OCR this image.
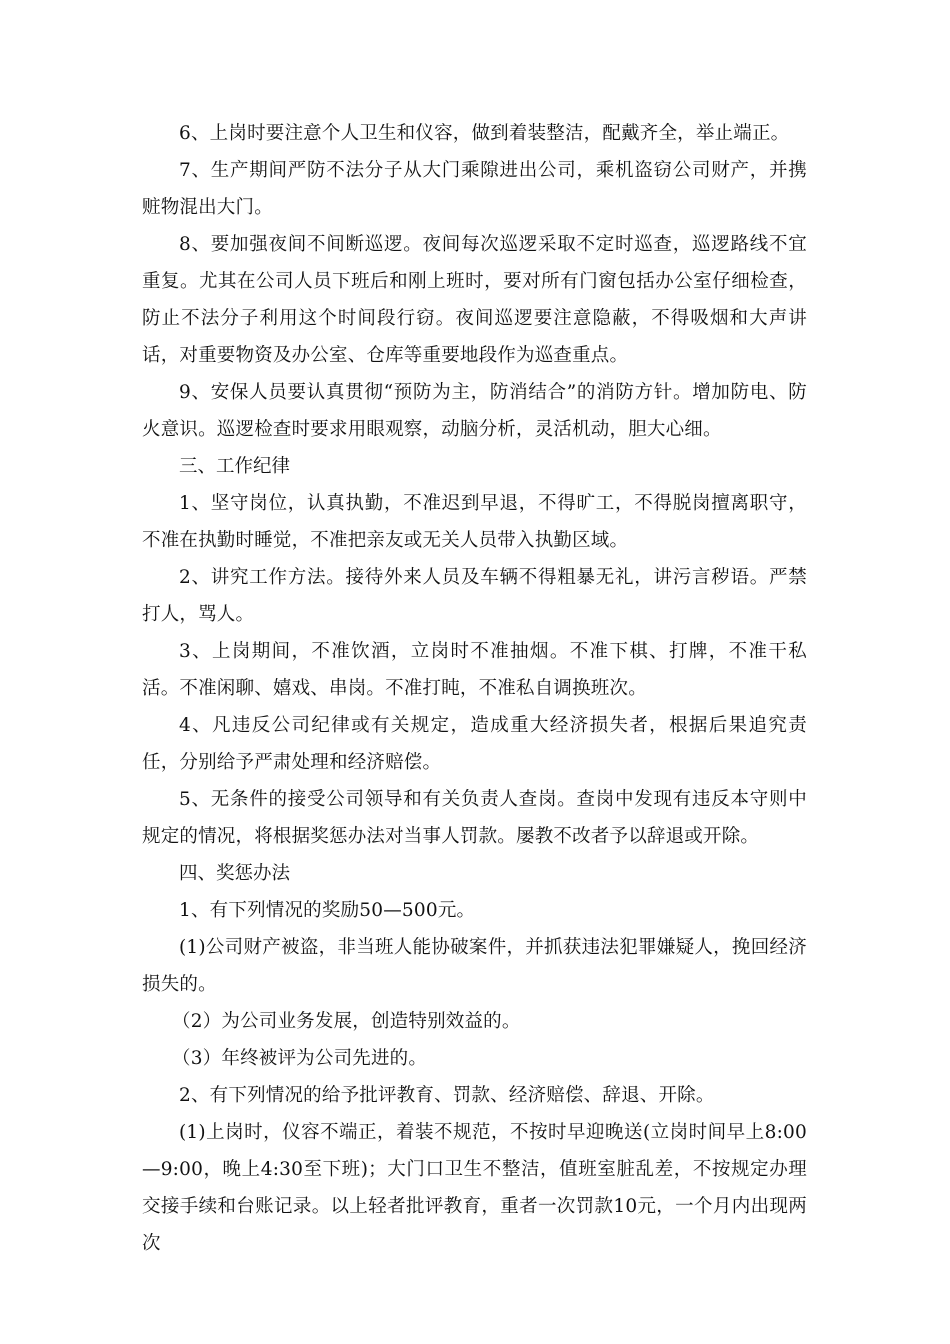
6、上岗时要注意个人卫生和仪容，做到着装整洁，配戴齐全，举止端正。

7、生产期间严防不法分子从大门乘隙进出公司，乘机盗窃公司财产，并携赃物混出大门。

8、要加强夜间不间断巡逻。夜间每次巡逻采取不定时巡查，巡逻路线不宜重复。尤其在公司人员下班后和刚上班时，要对所有门窗包括办公室仔细检查，防止不法分子利用这个时间段行窃。夜间巡逻要注意隐蔽，不得吸烟和大声讲话，对重要物资及办公室、仓库等重要地段作为巡查重点。

9、安保人员要认真贯彻“预防为主，防消结合”的消防方针。增加防电、防火意识。巡逻检查时要求用眼观察，动脑分析，灵活机动，胆大心细。

三、工作纪律

1、坚守岗位，认真执勤，不准迟到早退，不得旷工，不得脱岗擅离职守，不准在执勤时睡觉，不准把亲友或无关人员带入执勤区域。

2、讲究工作方法。接待外来人员及车辆不得粗暴无礼，讲污言秽语。严禁打人，骂人。

3、上岗期间，不准饮酒，立岗时不准抽烟。不准下棋、打牌，不准干私活。不准闲聊、嬉戏、串岗。不准打盹，不准私自调换班次。

4、凡违反公司纪律或有关规定，造成重大经济损失者，根据后果追究责任，分别给予严肃处理和经济赔偿。

5、无条件的接受公司领导和有关负责人查岗。查岗中发现有违反本守则中规定的情况，将根据奖惩办法对当事人罚款。屡教不改者予以辞退或开除。

四、奖惩办法

1、有下列情况的奖励50—500元。

(1)公司财产被盗，非当班人能协破案件，并抓获违法犯罪嫌疑人，挽回经济损失的。

（2）为公司业务发展，创造特别效益的。

（3）年终被评为公司先进的。

2、有下列情况的给予批评教育、罚款、经济赔偿、辞退、开除。

(1)上岗时，仪容不端正，着装不规范，不按时早迎晚送(立岗时间早上8:00—9:00，晚上4:30至下班)；大门口卫生不整洁，值班室脏乱差，不按规定办理交接手续和台账记录。以上轻者批评教育，重者一次罚款10元，一个月内出现两次
